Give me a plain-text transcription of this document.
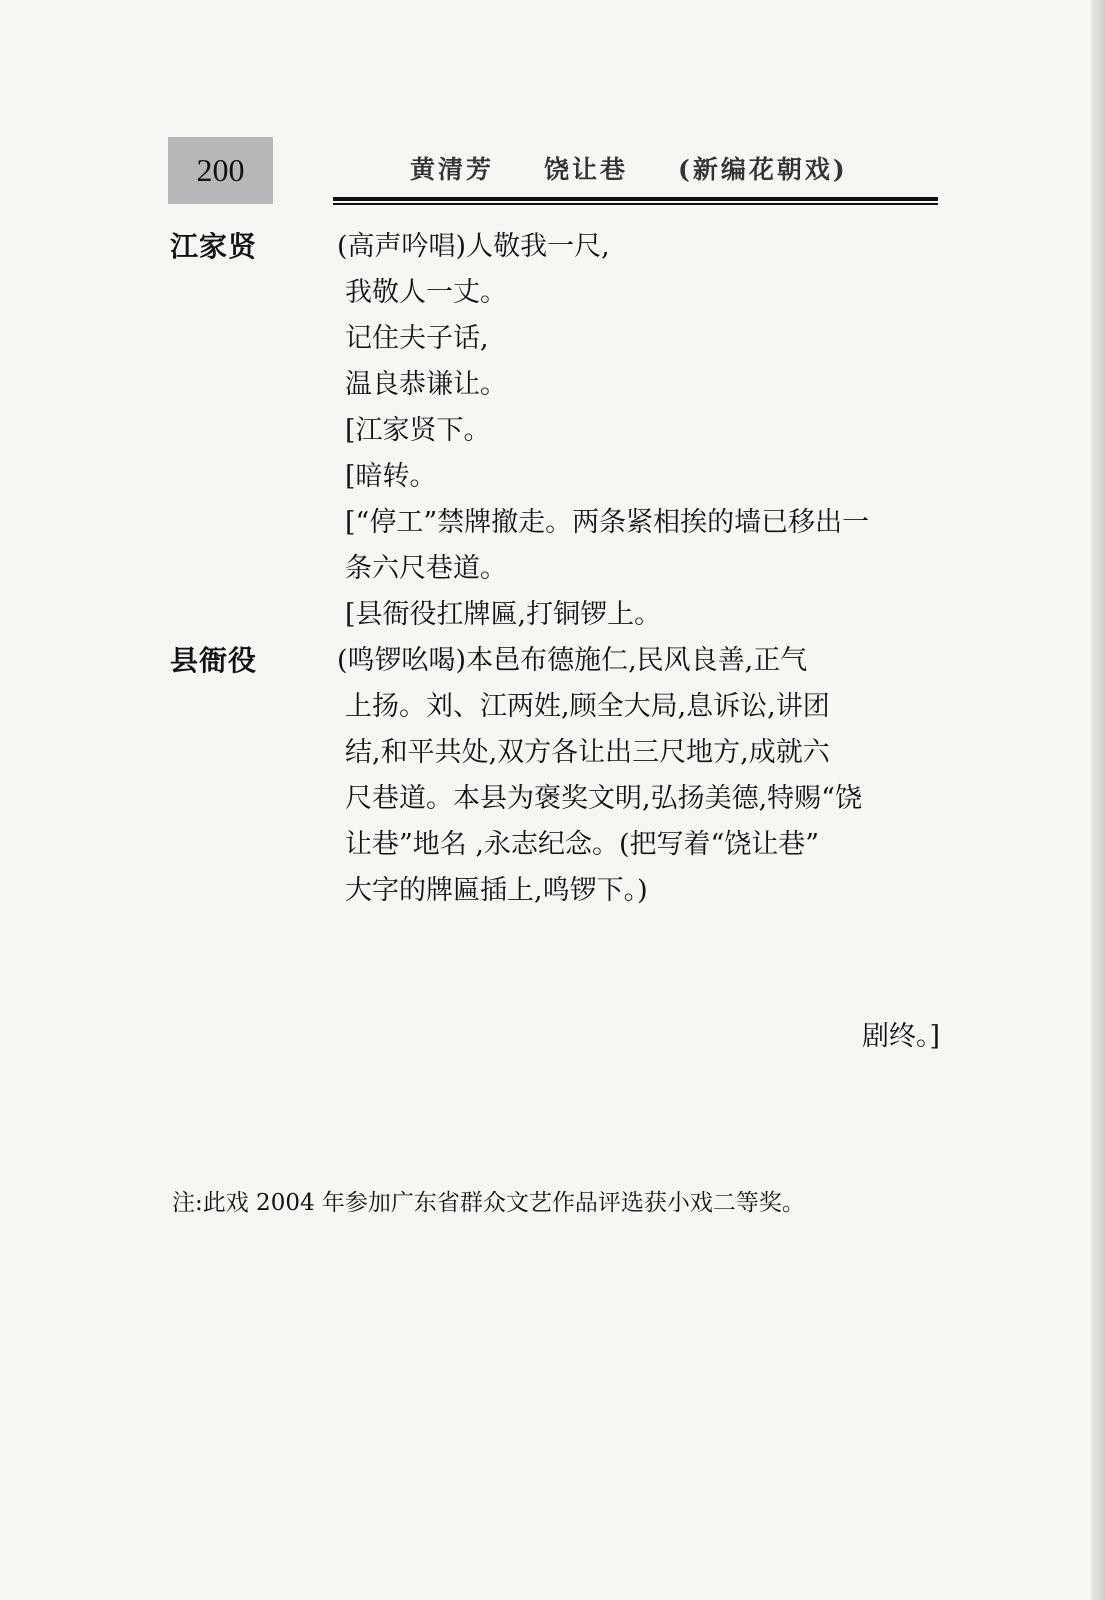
200	黄清芳 饶让巷 (新编花朝戏)
江家贤	(高声吟唱)人敬我一尺,
我敬人一丈。
记住夫子话,
温良恭谦让。
[江家贤下。
[暗转。
[“停工”禁牌撤走。两条紧相挨的墙已移出一
条六尺巷道。
[县衙役扛牌匾,打铜锣上。
县衙役	(鸣锣吆喝)本邑布德施仁,民风良善,正气
上扬。刘、江两姓,顾全大局,息诉讼,讲团
结,和平共处,双方各让出三尺地方,成就六
尺巷道。本县为褒奖文明,弘扬美德,特赐“饶
让巷”地名 ,永志纪念。(把写着“饶让巷”
大字的牌匾插上,鸣锣下。)
剧终。]
注:此戏 2004 年参加广东省群众文艺作品评选获小戏二等奖。
